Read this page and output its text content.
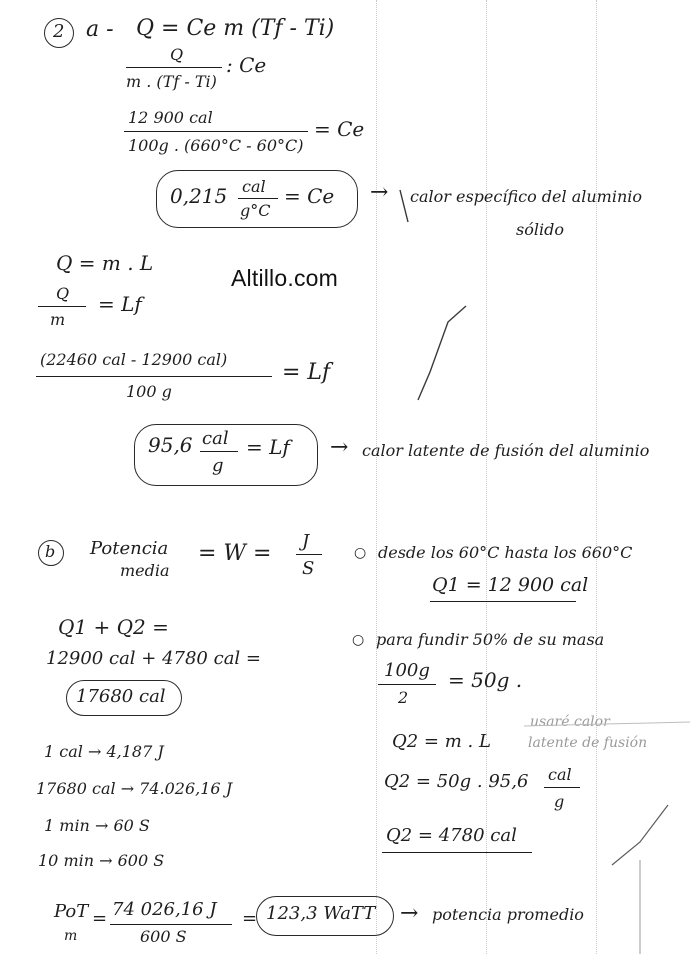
2 a - Q = Ce m (Tf - Ti)
Q
m . (Tf - Ti)
: Ce
12 900 cal
100g . (660°C - 60°C)
= Ce
0,215 cal
g°C
= Ce → calor específico del aluminio
sólido
Q = m . L
Altillo.com
Q
m
= Lf
(22460 cal - 12900 cal)
100 g
= Lf
95,6 cal
g
= Lf → calor latente de fusión del aluminio
b Potencia
media
= W = J
S
○ desde los 60°C hasta los 660°C
Q1 = 12 900 cal
Q1 + Q2 =
12900 cal + 4780 cal =
17680 cal
○ para fundir 50% de su masa
100g
2
= 50g .
usaré calor
latente de fusión
Q2 = m . L
Q2 = 50g . 95,6 cal
g
Q2 = 4780 cal
1 cal → 4,187 J
17680 cal → 74.026,16 J
1 min → 60 S
10 min → 600 S
PoT
m
= 74 026,16 J
600 S
= 123,3 WaTT → potencia promedio
